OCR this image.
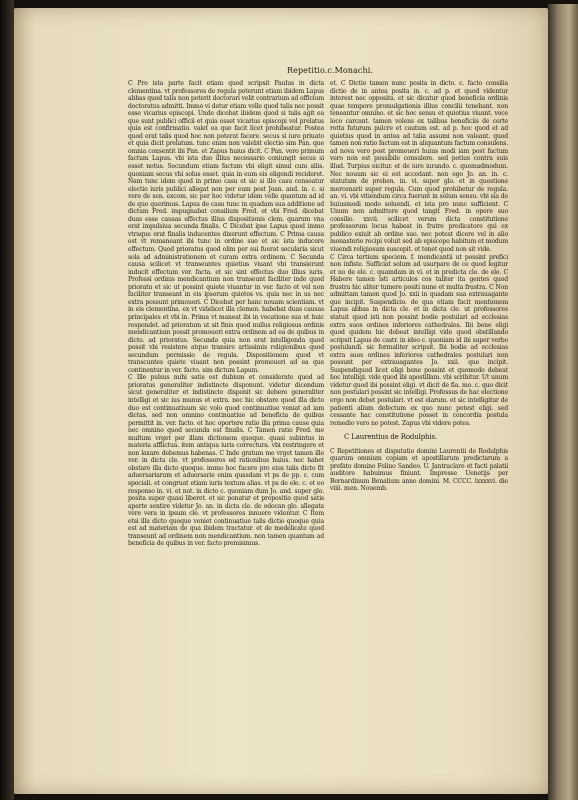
Repetitio.c.Monachi.

C Pro ista parte facit etiam quod scripsit Paulus in dicta clementina. vt professores de regula poterunt etiam ibidem Lapus abbas quod talis non poterit doctorari velit contrarium ad officium doctoratus admitti. Immo vi detur etiam velle quod talis nec possit esse vicarius episcopi. Unde dicebat ibidem quod si talis agit ea que sunt publici officii et quia esset vicarius episcopi vel prelatus quia est confirmatio. valet ea que facit licet prohibeatur. Postea quod erat talis quod hoc non poterat facere. secus si iure priuato et quia dicit prelatum. tunc enim non valebit electio sim Pan. que omnia consentit ibi Pan. et Zapus huius dicit. C Pan. vero primum factum Lapus. vbi ista duo illius necessario coniungit secus si esset notus. Secundum etiam factum vbi eligit simul cum aliis. quoniam secus vbi solus esset. quia in eum eis eligendi recideret. Nam tunc idem quod in primo casu et sic si illo casu censeatur electio iuris publici allegat non per eum post Joan. and. in. c. si vere de sen. excom. sic per hoc videtur idem velle quantum ad id de quo querimus. Lapus de casu tunc in quadam sua additione ad dictum Fred. impugnabat consilium Fred. et vbi Fred. dicebat duas esse causas effectus illius dispositionis clem. quarum vna erat impulsiua secunda finalis. C Dicebat ipse Lapus quod immo vtraque erat finalis inducentes dixerunt effectum. C Prima causa est vt remaneant ibi tunc in ordine suo et sic ista inducere effectum. Quod prioratus quod olim per sui fuerat secularia sicut sola ad administrationem et curam extra ordinem. C Secunda causa scilicet vt transeuntes quietius viuant vbi transierunt inducit effectum ver. facta. et sic sint effectus duo illius iuris. Professi ordinis mendicantium non transeunt faciliter inde quod prioratu et sic ut possint quiete viuantur in ver. facto et vel non faciliter transeant in eis ipsorum quietos vs. quia nec in us nec extra possunt primoueri. C Dicebat per hanc nouam scientiam. vt in eis clementina. ex vt videlicet illa clemen. habebat duas causas principales et vbi in. Prima vt maneat ibi in vocatione sua et huic respondet. ad prioratum ut sit finis quod nullus religiosus ordinis mendicantium possit promoueri extra ordinem ad ea de quibus in dicto. ad prioratus. Secunda quia non erat intelligenda quod possit vbi resistere atque transire artissimis religionibus quod secundum permissio de regula. Dispositionem quod vt transcuntes quiete viuant non possint promoueri ad ea que continentur in ver. facto. sim dictum Lapum.

C Ille pulsus mihi satis est dubium et considerate quod ad prioratus generaliter indistincte disponunt. videtur dicendum sicut generaliter et indistincte disponit sic debere generaliter intelligi et sic ius munus et extra. nec hic obstare quod illa dicto duo est continuatiuum sic volo quod continuatiue veniat ad iam dictas. sed non omnino continuatiue ad beneficia de quibus permittit in. ver. facto. et hoc oportere ratio illa prima cause quia nec omnino quod secunda est finalis. C Tamen ratio Fred. me multum vrget per illam dictionem quoque. quasi subintus in materia afflictua. item antiqua iuris correctura. vbi restringere et non laxare debemus habenas. C Inde gratum me vrget tamen ille ver. in dicta cle. vt professores ed rationibus huius. nec habet obstare illa dicto quoque. immo hoc facere pro eius talis dicto fit aduersariarum et aduersarie enim quasdam vt ps de pp. c. cum speciali. et congruat etiam iuris textum alias. vt ps de ele. c. et eo responso in. vi. et not. in dicto c. quoniam dum Jo. and. super glo. posita super quasi liberet. et sic ponatur et propositio quod satis aperte sentire videtur Jo. an. in dicta cle. de odocan glo. allegata vere vera in ipsum cle. vt professores innuere videntur. C Item etsi illa dicto quoque veniet continuatiue talis dictio quoque quia est ad materiam de qua ibidem tractatur. et de medelicate quod transeunt ad ordinem non mendicantium. non tamen quantum ad beneficia de quibus in ver. facto premisimus.

et. C Dictio tamen nunc posita in dicto. c. facto consilia dictio de in antea posita in. c. ad p. et quod videntur interest nec opposita. et sic dicatur quod beneficia ordinis quae tempore promulgationis illius concilii tenebant. non teneantur omnino. et sic hoc sensu et quietius viuant. voce loco carcant. tamen volens ex talibus beneficiis de certe rotta futurum pulcre et cautum est. ad p. hoc quod et ad quietius quod in antea ad talia assumi non valeant. quod tamen non ratio factum est in aliquantum factum consulens. ad nova vero post promoueri huius modi iam post factum vero non est possibile consulere. sed potius contra suis illud. Turpius eicitur. et de iure iurando. c. quemadmodum. Nec nouum sic ei est accedant. non ego Jo. an. in. c. statutum de preben. in. vi. super glo. et in questione mercenarii super regula. Cum quod prohibetur de regula. an. vi. vbi vitiendum circa fuerunt in solum sensu. vbi sia de huiusmodi modo soluendi. et ista pro nunc sufficient. C Unum non admittere quod tangit Fred. in opere suo consilio. xxvii. scilicet verum dicta constitutione professorum locus habeat in fratre predicatore qui ex publico exiuit ab ordine suo. nec potest dicere vel in alio monasterio recipi voluit sed ab episcopo habitum et modum viuendi religiosum suscepit. et tenet quod non sit vide.

C Circa tertium speciem. f. mendicantii ut possint prefici non infiste. Sufficiat solum ad usurpare de ce quod legitur et no de ele. c. quamdam in vi. et in predicta cle. de ele. C Habere tamen isti articulos cos taliter ita gentes quod frustra hic aliter tumere positi nune et multa frustra. C Non admittam tamen quod Jo. xxii in quadam sua extrauagante que incipit. Suspendicio. de qua etiam facit mentionem Lapus abbas in dicta cle. et in dicta cle. ut professores statuit quod isti non possint bodie postulari ad ecclesias extra suos ordines inferiores cathedrales. Ibi bene eligi quod quidem hic debeat intelligi vide quod obstillando scripsit Lapus de castr. in ideo c. quoniam id ibi super verbo postulandi. sic formaliter scripsit. Ibi bodie ad ecclesias extra suos ordines inferiores cathedrales postulari non possunt per extrauagantes Jo. xxii. que incipit. Suspendiquod licet eligi bene possint et quomodo debeat hoc intelligi. vide quod ibi apostillam. vbi scribitur. Ut unum videtur quod ibi possint eligi. vt dicit de fia. mo. c. quo dicit non postulari possint sic intelligi. Professus de hac electione ergo non debet postulari. vt est elarum. et sic intelligitur de patienti alium defectum ex quo nunc potest eligi. sed cessante hac constitutione posset in concordia postula remedio vero no potest. Zapus vbi videre potes.

C Laurentius de Rodulphis.

C Repetitiones et disputatio domini Laurentii de Rodulphis quarum omnium copiam et apostillarum predictarum a prefato domino Felino Sandeo. U. Jantraclare et facti palatii auditore habuimus finiunt. Impresse Uenetijs per Bernardinum Benalium anno domini. M. CCCC. lxxxxvi. die viiii. men. Nouemb.
